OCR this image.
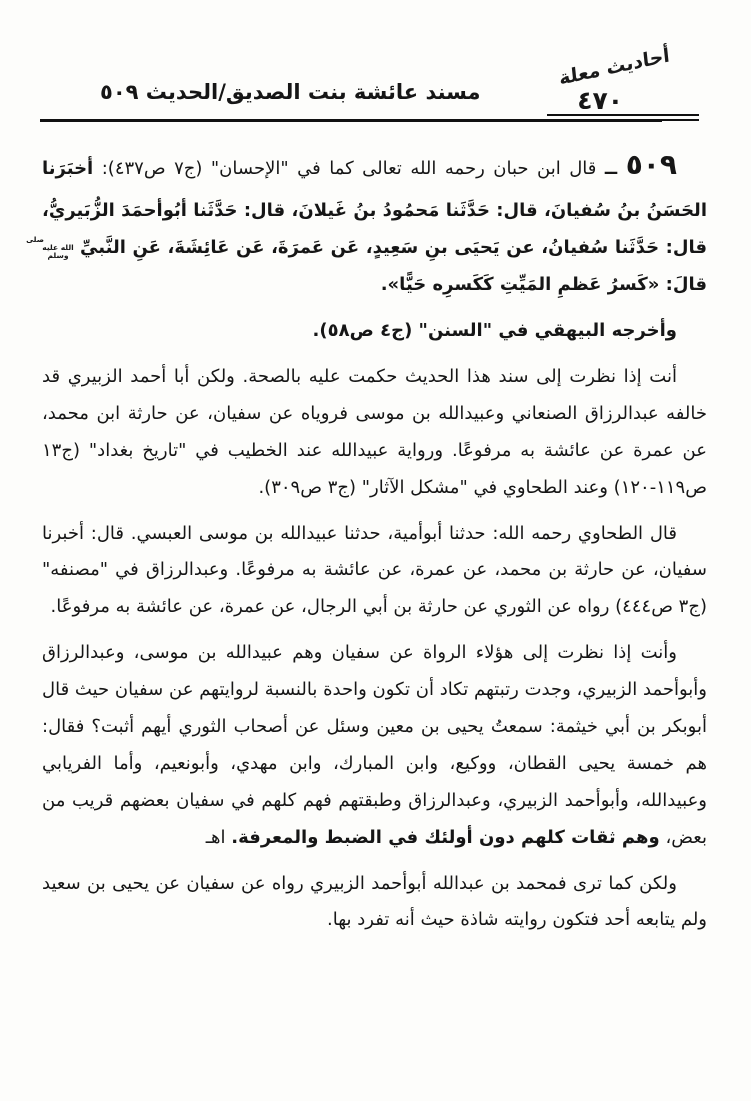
أحاديث معلة
٤٧٠
مسند عائشة بنت الصديق/الحديث ٥٠٩

٥٠٩ ــ قال ابن حبان رحمه الله تعالى كما في "الإحسان" (ج٧ ص٤٣٧): أخبَرَنا الحَسَنُ بنُ سُفيانَ، قال: حَدَّثَنا مَحمُودُ بنُ غَيلانَ، قال: حَدَّثَنا أبُوأحمَدَ الزُّبَيريُّ، قال: حَدَّثَنا سُفيانُ، عن يَحيَى بنِ سَعِيدٍ، عَن عَمرَةَ، عَن عَائِشَةَ، عَنِ النَّبيِّ صلى الله عليه وسلم قالَ: «كَسرُ عَظمِ المَيِّتِ كَكَسرِه حَيًّا».

وأخرجه البيهقي في "السنن" (ج٤ ص٥٨).

أنت إذا نظرت إلى سند هذا الحديث حكمت عليه بالصحة. ولكن أبا أحمد الزبيري قد خالفه عبدالرزاق الصنعاني وعبيدالله بن موسى فروياه عن سفيان، عن حارثة ابن محمد، عن عمرة عن عائشة به مرفوعًا. ورواية عبيدالله عند الخطيب في "تاريخ بغداد" (ج١٣ ص١١٩-١٢٠) وعند الطحاوي في "مشكل الآثار" (ج٣ ص٣٠٩).

قال الطحاوي رحمه الله: حدثنا أبوأمية، حدثنا عبيدالله بن موسى العبسي. قال: أخبرنا سفيان، عن حارثة بن محمد، عن عمرة، عن عائشة به مرفوعًا. وعبدالرزاق في "مصنفه" (ج٣ ص٤٤٤) رواه عن الثوري عن حارثة بن أبي الرجال، عن عمرة، عن عائشة به مرفوعًا.

وأنت إذا نظرت إلى هؤلاء الرواة عن سفيان وهم عبيدالله بن موسى، وعبدالرزاق وأبوأحمد الزبيري، وجدت رتبتهم تكاد أن تكون واحدة بالنسبة لروايتهم عن سفيان حيث قال أبوبكر بن أبي خيثمة: سمعتُ يحيى بن معين وسئل عن أصحاب الثوري أيهم أثبت؟ فقال: هم خمسة يحيى القطان، ووكيع، وابن المبارك، وابن مهدي، وأبونعيم، وأما الفريابي وعبيدالله، وأبوأحمد الزبيري، وعبدالرزاق وطبقتهم فهم كلهم في سفيان بعضهم قريب من بعض، وهم ثقات كلهم دون أولئك في الضبط والمعرفة. اهـ

ولكن كما ترى فمحمد بن عبدالله أبوأحمد الزبيري رواه عن سفيان عن يحيى بن سعيد ولم يتابعه أحد فتكون روايته شاذة حيث أنه تفرد بها.
